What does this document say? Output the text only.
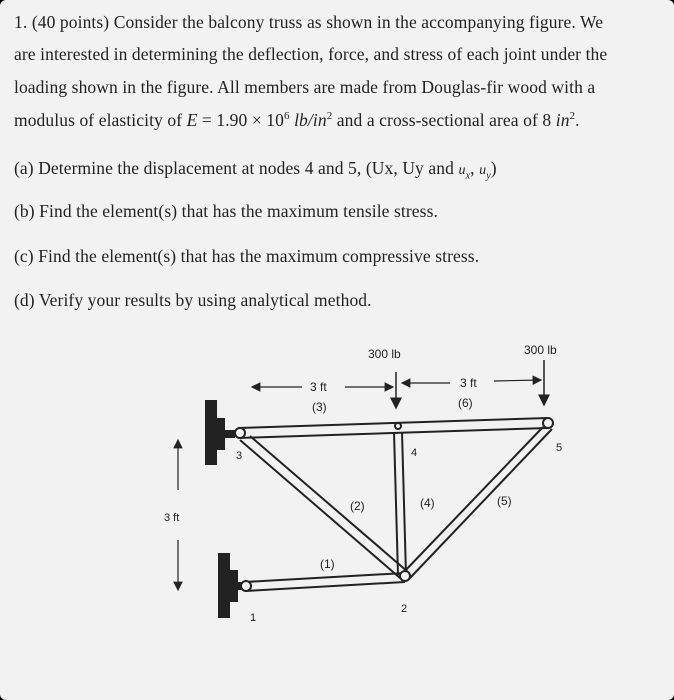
1. (40 points) Consider the balcony truss as shown in the accompanying figure. We
are interested in determining the deflection, force, and stress of each joint under the
loading shown in the figure. All members are made from Douglas-fir wood with a
modulus of elasticity of $E = 1.90 \times 10^6$ $lb/in^2$ and a cross-sectional area of 8 $in^2$.
(a) Determine the displacement at nodes 4 and 5, (Ux, Uy and $u_x$, $u_y$)
(b) Find the element(s) that has the maximum tensile stress.
(c) Find the element(s) that has the maximum compressive stress.
(d) Verify your results by using analytical method.
300 lb	300 lb
3 ft	3 ft
(3)	(6)
3 ft
(2)	(4)	(5)
(1)
3	4	5
1
2
